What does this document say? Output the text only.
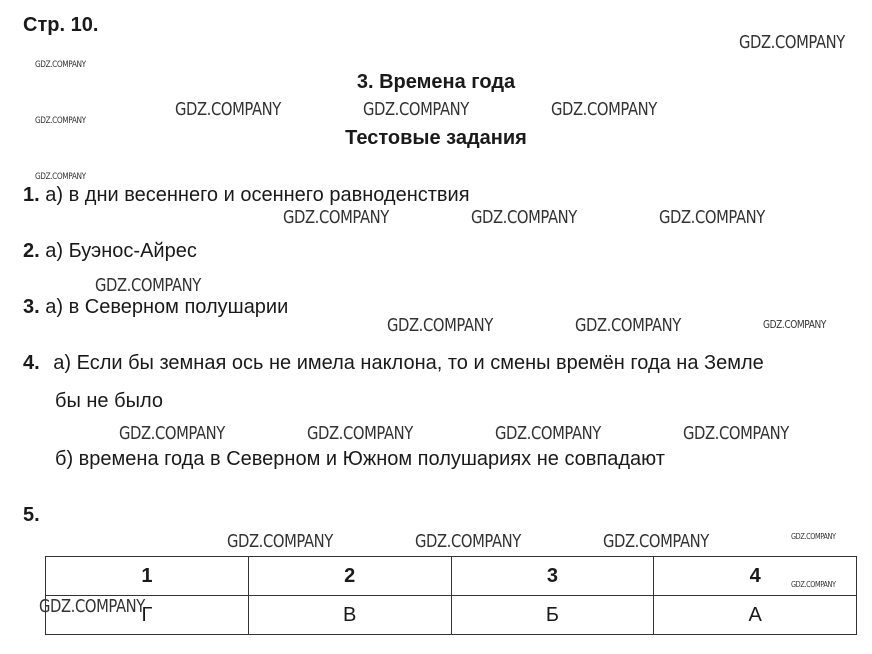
Стр. 10.
3. Времена года
Тестовые задания
1. а) в дни весеннего и осеннего равноденствия
2. а) Буэнос-Айрес
3. а) в Северном полушарии
4. а) Если бы земная ось не имела наклона, то и смены времён года на Земле
бы не было
б) времена года в Северном и Южном полушариях не совпадают
5.
1	2	3	4
Г	В	Б	А
GDZ.COMPANY
GDZ.COMPANY
GDZ.COMPANY
GDZ.COMPANY
GDZ.COMPANY	GDZ.COMPANY	GDZ.COMPANY
GDZ.COMPANY	GDZ.COMPANY	GDZ.COMPANY
GDZ.COMPANY
GDZ.COMPANY	GDZ.COMPANY	GDZ.COMPANY
GDZ.COMPANY	GDZ.COMPANY	GDZ.COMPANY	GDZ.COMPANY
GDZ.COMPANY	GDZ.COMPANY	GDZ.COMPANY	GDZ.COMPANY
GDZ.COMPANY
GDZ.COMPANY
